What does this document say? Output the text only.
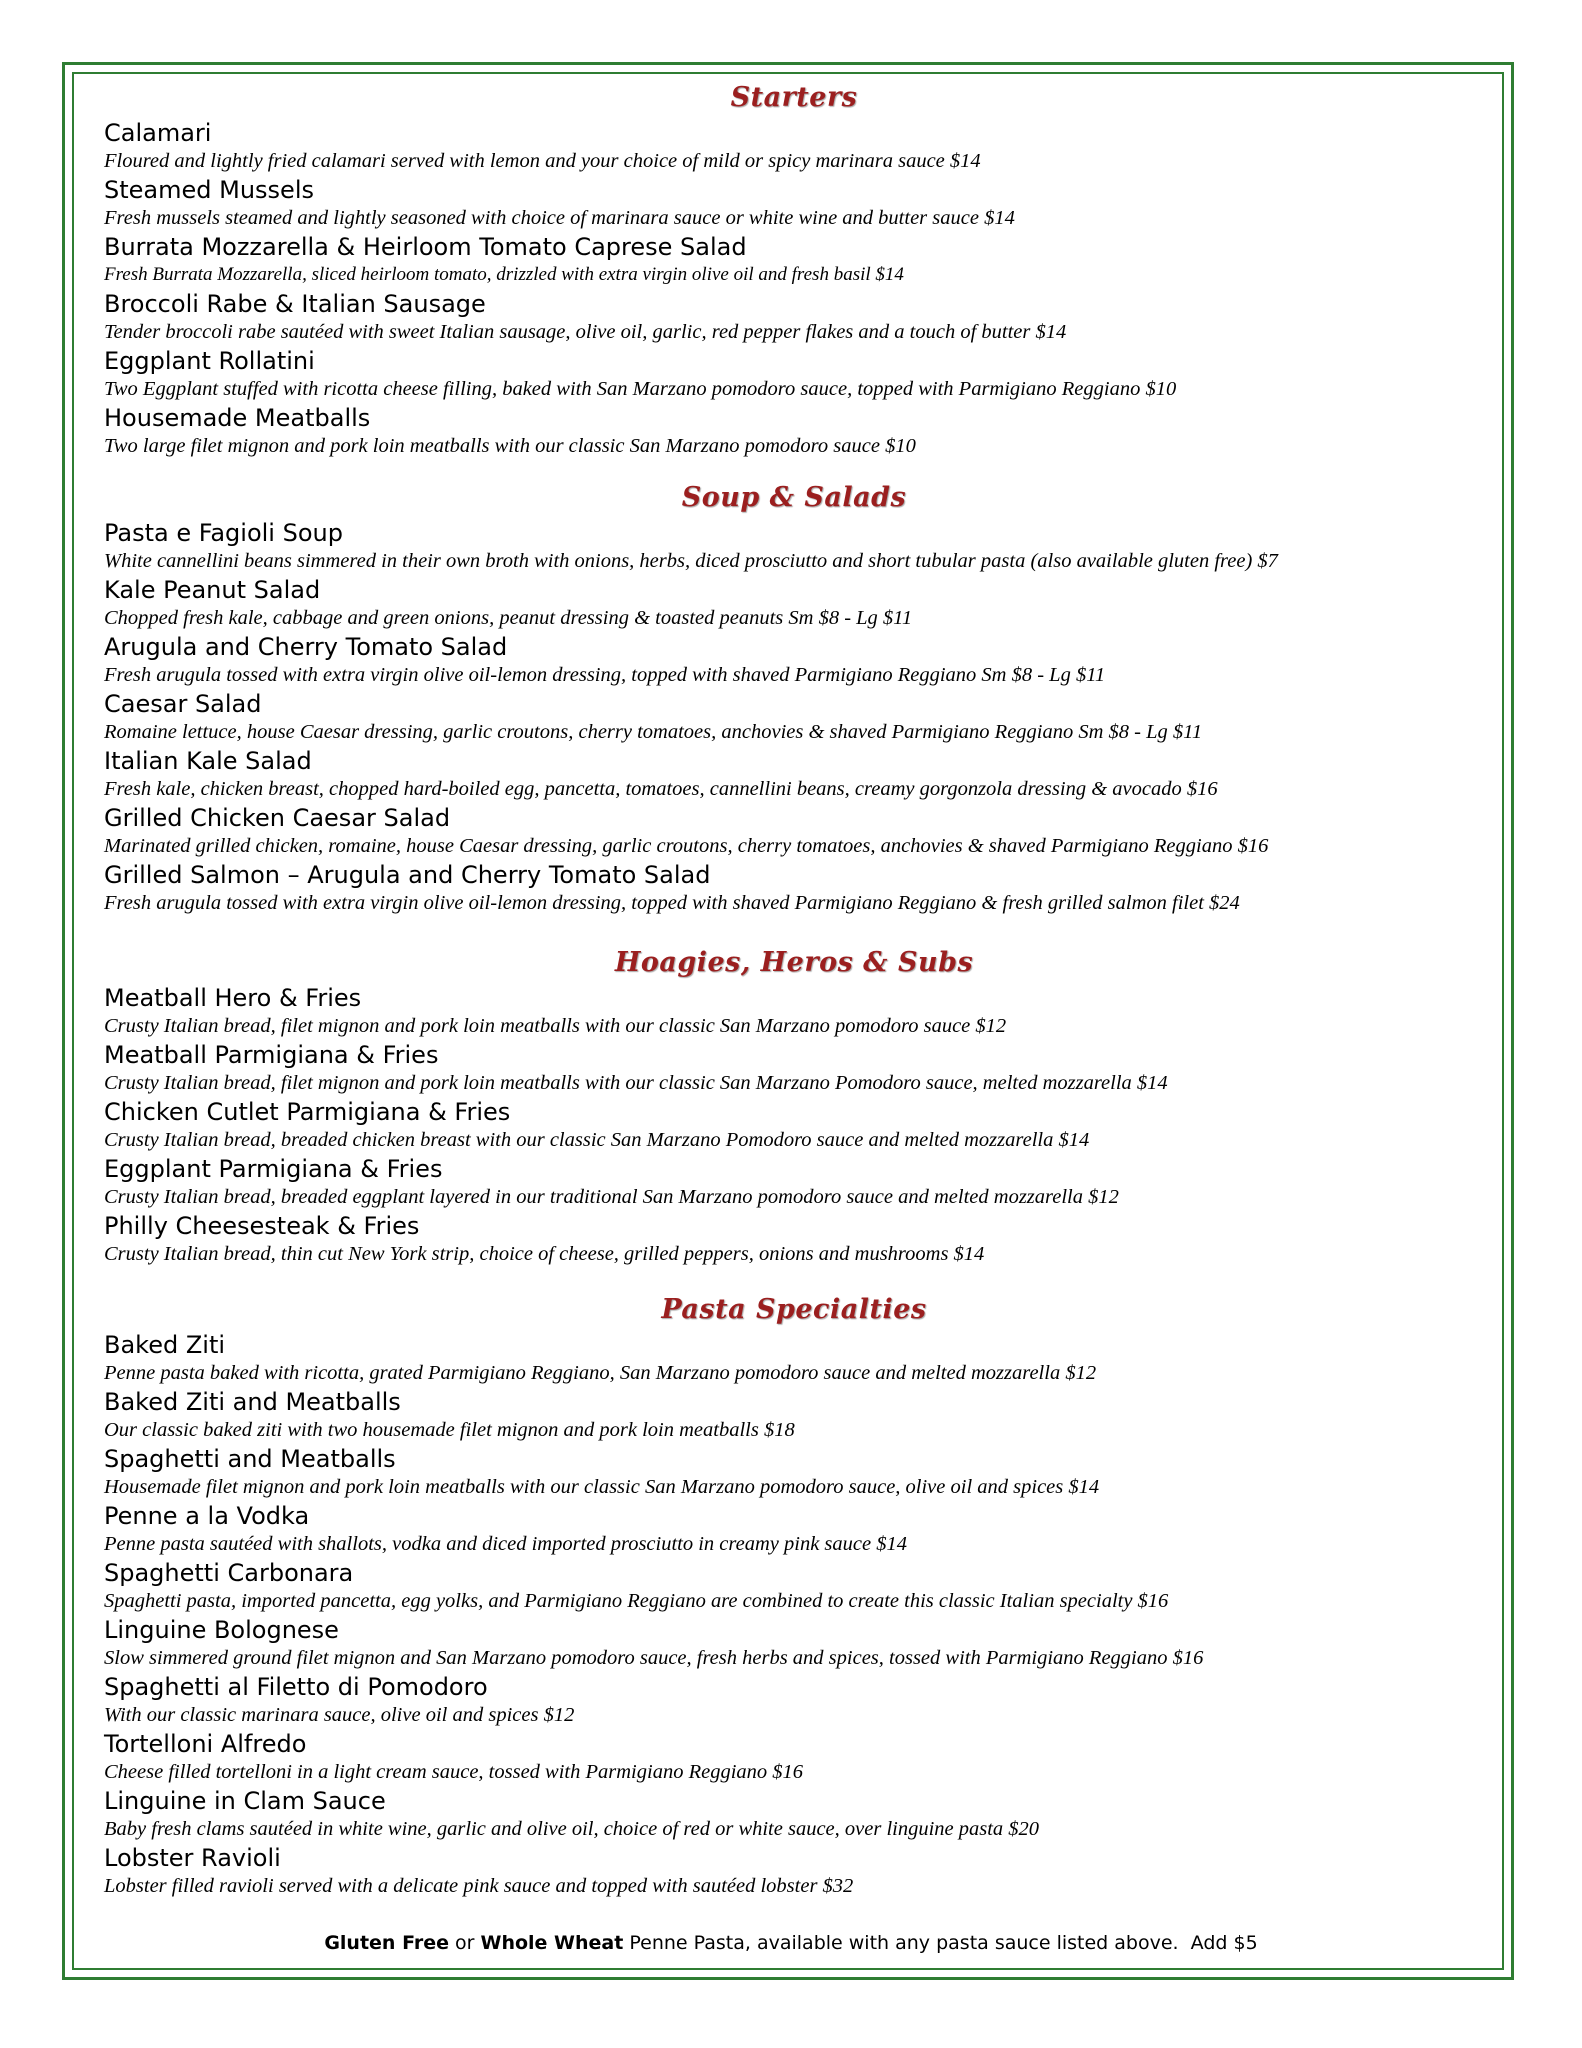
Starters
Calamari
Floured and lightly fried calamari served with lemon and your choice of mild or spicy marinara sauce $14
Steamed Mussels
Fresh mussels steamed and lightly seasoned with choice of marinara sauce or white wine and butter sauce $14
Burrata Mozzarella & Heirloom Tomato Caprese Salad
Fresh Burrata Mozzarella, sliced heirloom tomato, drizzled with extra virgin olive oil and fresh basil $14
Broccoli Rabe & Italian Sausage
Tender broccoli rabe sautéed with sweet Italian sausage, olive oil, garlic, red pepper flakes and a touch of butter $14
Eggplant Rollatini
Two Eggplant stuffed with ricotta cheese filling, baked with San Marzano pomodoro sauce, topped with Parmigiano Reggiano $10
Housemade Meatballs
Two large filet mignon and pork loin meatballs with our classic San Marzano pomodoro sauce $10
Soup & Salads
Pasta e Fagioli Soup
White cannellini beans simmered in their own broth with onions, herbs, diced prosciutto and short tubular pasta (also available gluten free) $7
Kale Peanut Salad
Chopped fresh kale, cabbage and green onions, peanut dressing & toasted peanuts Sm $8 - Lg $11
Arugula and Cherry Tomato Salad
Fresh arugula tossed with extra virgin olive oil-lemon dressing, topped with shaved Parmigiano Reggiano Sm $8 - Lg $11
Caesar Salad
Romaine lettuce, house Caesar dressing, garlic croutons, cherry tomatoes, anchovies & shaved Parmigiano Reggiano Sm $8 - Lg $11
Italian Kale Salad
Fresh kale, chicken breast, chopped hard-boiled egg, pancetta, tomatoes, cannellini beans, creamy gorgonzola dressing & avocado $16
Grilled Chicken Caesar Salad
Marinated grilled chicken, romaine, house Caesar dressing, garlic croutons, cherry tomatoes, anchovies & shaved Parmigiano Reggiano $16
Grilled Salmon – Arugula and Cherry Tomato Salad
Fresh arugula tossed with extra virgin olive oil-lemon dressing, topped with shaved Parmigiano Reggiano & fresh grilled salmon filet $24
Hoagies, Heros & Subs
Meatball Hero & Fries
Crusty Italian bread, filet mignon and pork loin meatballs with our classic San Marzano pomodoro sauce $12
Meatball Parmigiana & Fries
Crusty Italian bread, filet mignon and pork loin meatballs with our classic San Marzano Pomodoro sauce, melted mozzarella $14
Chicken Cutlet Parmigiana & Fries
Crusty Italian bread, breaded chicken breast with our classic San Marzano Pomodoro sauce and melted mozzarella $14
Eggplant Parmigiana & Fries
Crusty Italian bread, breaded eggplant layered in our traditional San Marzano pomodoro sauce and melted mozzarella $12
Philly Cheesesteak & Fries
Crusty Italian bread, thin cut New York strip, choice of cheese, grilled peppers, onions and mushrooms $14
Pasta Specialties
Baked Ziti
Penne pasta baked with ricotta, grated Parmigiano Reggiano, San Marzano pomodoro sauce and melted mozzarella $12
Baked Ziti and Meatballs
Our classic baked ziti with two housemade filet mignon and pork loin meatballs $18
Spaghetti and Meatballs
Housemade filet mignon and pork loin meatballs with our classic San Marzano pomodoro sauce, olive oil and spices $14
Penne a la Vodka
Penne pasta sautéed with shallots, vodka and diced imported prosciutto in creamy pink sauce $14
Spaghetti Carbonara
Spaghetti pasta, imported pancetta, egg yolks, and Parmigiano Reggiano are combined to create this classic Italian specialty $16
Linguine Bolognese
Slow simmered ground filet mignon and San Marzano pomodoro sauce, fresh herbs and spices, tossed with Parmigiano Reggiano $16
Spaghetti al Filetto di Pomodoro
With our classic marinara sauce, olive oil and spices $12
Tortelloni Alfredo
Cheese filled tortelloni in a light cream sauce, tossed with Parmigiano Reggiano $16
Linguine in Clam Sauce
Baby fresh clams sautéed in white wine, garlic and olive oil, choice of red or white sauce, over linguine pasta $20
Lobster Ravioli
Lobster filled ravioli served with a delicate pink sauce and topped with sautéed lobster $32
Gluten Free or Whole Wheat Penne Pasta, available with any pasta sauce listed above.  Add $5
